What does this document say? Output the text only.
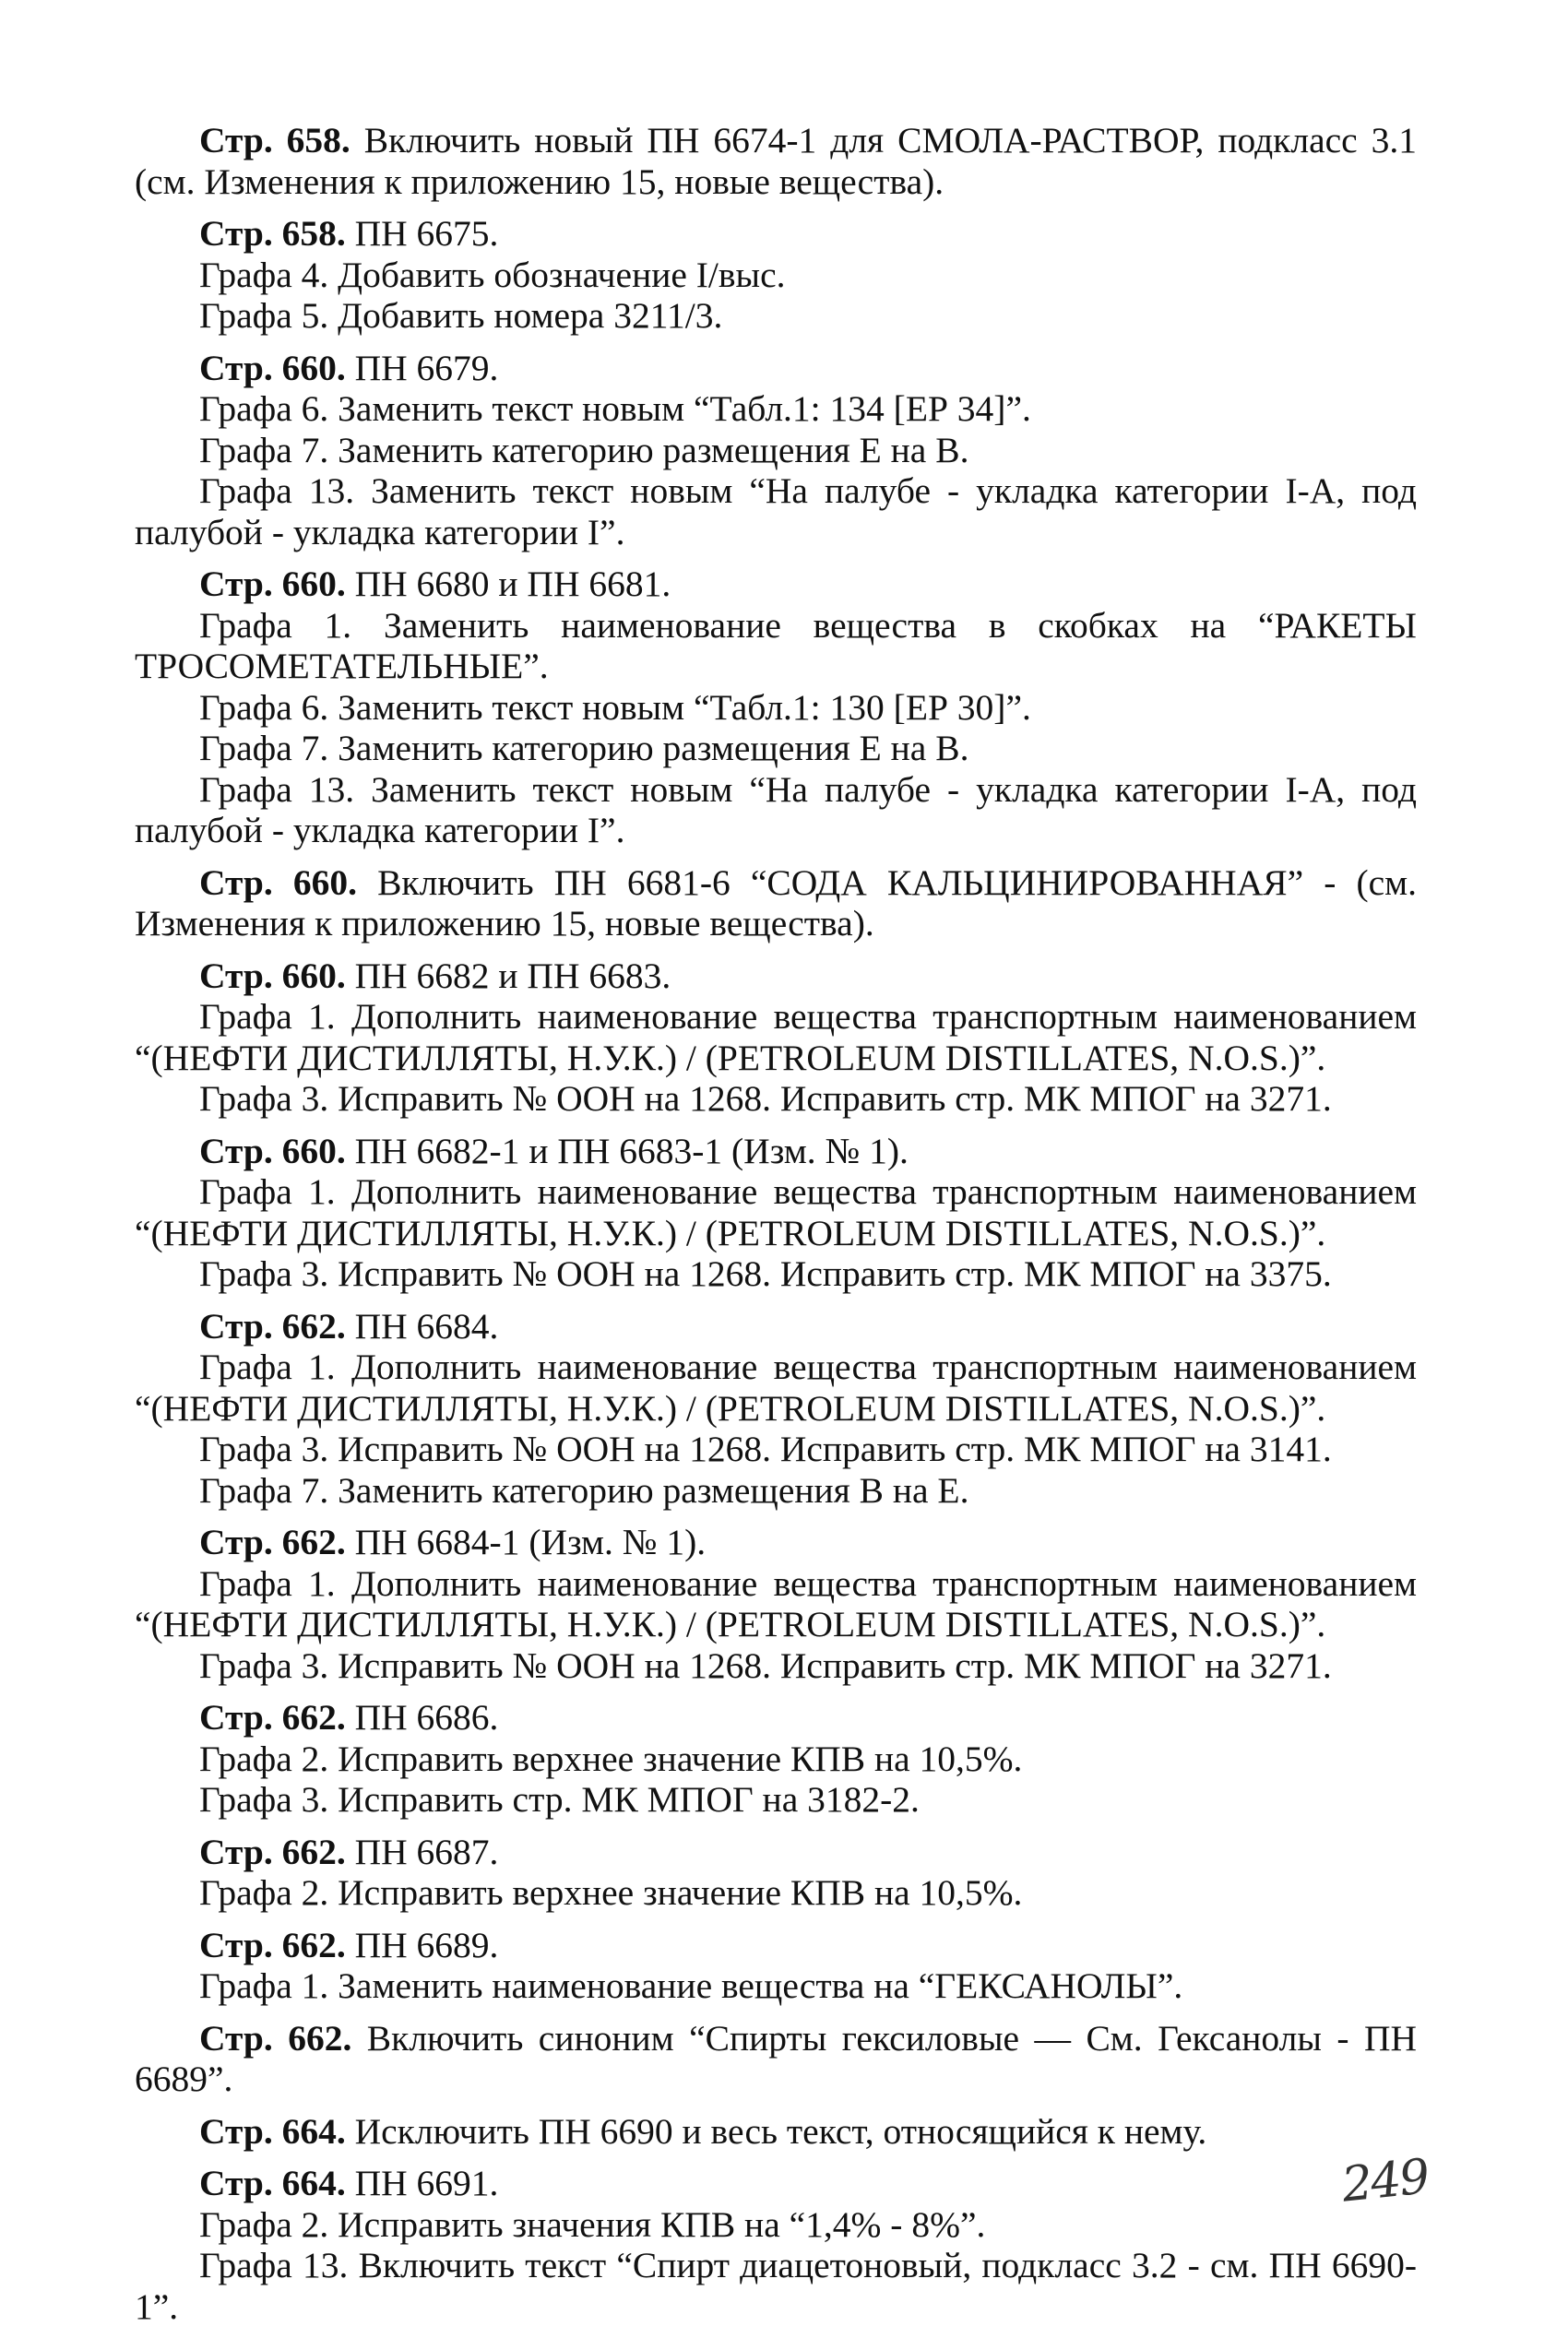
Стр. 658. Включить новый ПН 6674-1 для СМОЛА-РАСТВОР, подкласс 3.1 (см. Изменения к приложению 15, новые вещества).

Стр. 658. ПН 6675.

Графа 4. Добавить обозначение I/выс.

Графа 5. Добавить номера 3211/3.

Стр. 660. ПН 6679.

Графа 6. Заменить текст новым “Табл.1: 134 [ЕР 34]”.

Графа 7. Заменить категорию размещения Е на В.

Графа 13. Заменить текст новым “На палубе - укладка категории I-A, под палубой - укладка категории I”.

Стр. 660. ПН 6680 и ПН 6681.

Графа 1. Заменить наименование вещества в скобках на “РАКЕТЫ ТРОСОМЕТАТЕЛЬНЫЕ”.

Графа 6. Заменить текст новым “Табл.1: 130 [ЕР 30]”.

Графа 7. Заменить категорию размещения Е на В.

Графа 13. Заменить текст новым “На палубе - укладка категории I-A, под палубой - укладка категории I”.

Стр. 660. Включить ПН 6681-6 “СОДА КАЛЬЦИНИРОВАННАЯ” - (см. Изменения к приложению 15, новые вещества).

Стр. 660. ПН 6682 и ПН 6683.

Графа 1. Дополнить наименование вещества транспортным наименованием “(НЕФТИ ДИСТИЛЛЯТЫ, Н.У.К.) / (PETROLEUM DISTILLATES, N.O.S.)”.

Графа 3. Исправить № ООН на 1268. Исправить стр. МК МПОГ на 3271.

Стр. 660. ПН 6682-1 и ПН 6683-1 (Изм. № 1).

Графа 1. Дополнить наименование вещества транспортным наименованием “(НЕФТИ ДИСТИЛЛЯТЫ, Н.У.К.) / (PETROLEUM DISTILLATES, N.O.S.)”.

Графа 3. Исправить № ООН на 1268. Исправить стр. МК МПОГ на 3375.

Стр. 662. ПН 6684.

Графа 1. Дополнить наименование вещества транспортным наименованием “(НЕФТИ ДИСТИЛЛЯТЫ, Н.У.К.) / (PETROLEUM DISTILLATES, N.O.S.)”.

Графа 3. Исправить № ООН на 1268. Исправить стр. МК МПОГ на 3141.

Графа 7. Заменить категорию размещения В на Е.

Стр. 662. ПН 6684-1 (Изм. № 1).

Графа 1. Дополнить наименование вещества транспортным наименованием “(НЕФТИ ДИСТИЛЛЯТЫ, Н.У.К.) / (PETROLEUM DISTILLATES, N.O.S.)”.

Графа 3. Исправить № ООН на 1268. Исправить стр. МК МПОГ на 3271.

Стр. 662. ПН 6686.

Графа 2. Исправить верхнее значение КПВ на 10,5%.

Графа 3. Исправить стр. МК МПОГ на 3182-2.

Стр. 662. ПН 6687.

Графа 2. Исправить верхнее значение КПВ на 10,5%.

Стр. 662. ПН 6689.

Графа 1. Заменить наименование вещества на “ГЕКСАНОЛЫ”.

Стр. 662. Включить синоним “Спирты гексиловые — См. Гексанолы - ПН 6689”.

Стр. 664. Исключить ПН 6690 и весь текст, относящийся к нему.

Стр. 664. ПН 6691.

Графа 2. Исправить значения КПВ на “1,4% - 8%”.

Графа 13. Включить текст “Спирт диацетоновый, подкласс 3.2 - см. ПН 6690-1”.

249
